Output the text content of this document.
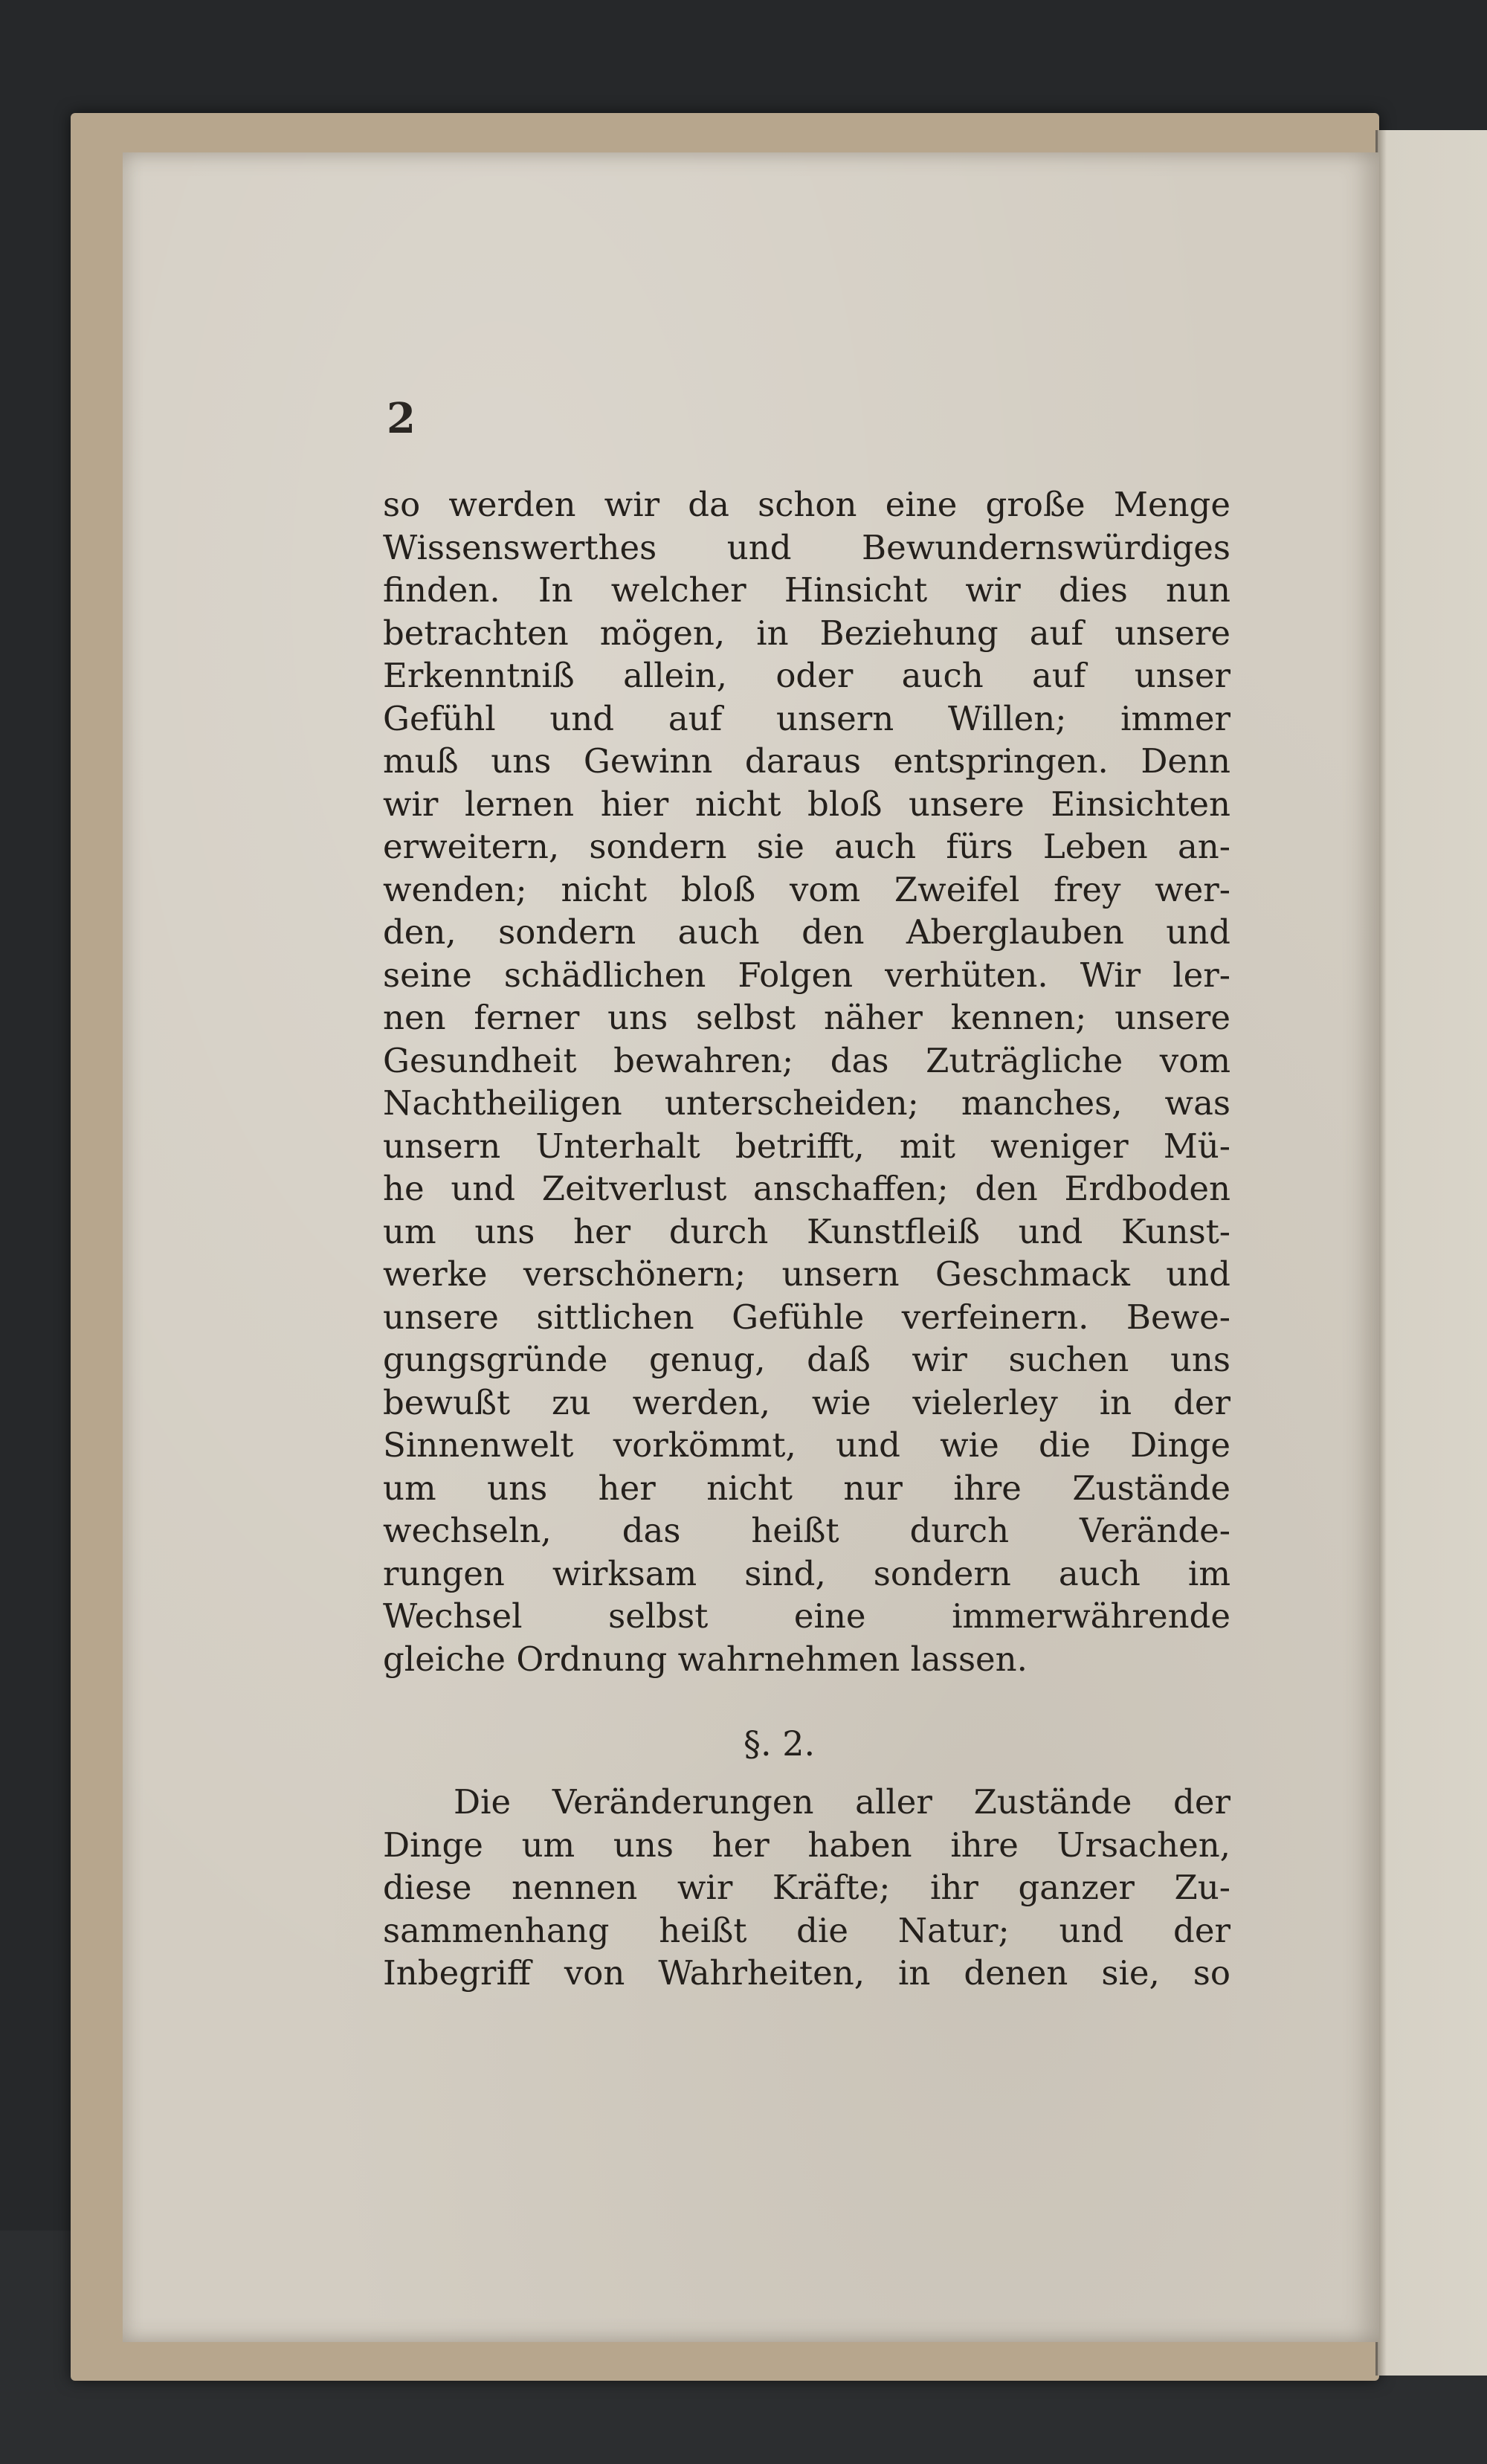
2
so werden wir da schon eine große Menge
Wissenswerthes und Bewundernswürdiges
finden. In welcher Hinsicht wir dies nun
betrachten mögen, in Beziehung auf unsere
Erkenntniß allein, oder auch auf unser
Gefühl und auf unsern Willen; immer
muß uns Gewinn daraus entspringen. Denn
wir lernen hier nicht bloß unsere Einsichten
erweitern, sondern sie auch fürs Leben an-
wenden; nicht bloß vom Zweifel frey wer-
den, sondern auch den Aberglauben und
seine schädlichen Folgen verhüten. Wir ler-
nen ferner uns selbst näher kennen; unsere
Gesundheit bewahren; das Zuträgliche vom
Nachtheiligen unterscheiden; manches, was
unsern Unterhalt betrifft, mit weniger Mü-
he und Zeitverlust anschaffen; den Erdboden
um uns her durch Kunstfleiß und Kunst-
werke verschönern; unsern Geschmack und
unsere sittlichen Gefühle verfeinern. Bewe-
gungsgründe genug, daß wir suchen uns
bewußt zu werden, wie vielerley in der
Sinnenwelt vorkömmt, und wie die Dinge
um uns her nicht nur ihre Zustände
wechseln, das heißt durch Verände-
rungen wirksam sind, sondern auch im
Wechsel selbst eine immerwährende
gleiche Ordnung wahrnehmen lassen.
§. 2.
Die Veränderungen aller Zustände der
Dinge um uns her haben ihre Ursachen,
diese nennen wir Kräfte; ihr ganzer Zu-
sammenhang heißt die Natur; und der
Inbegriff von Wahrheiten, in denen sie, so
